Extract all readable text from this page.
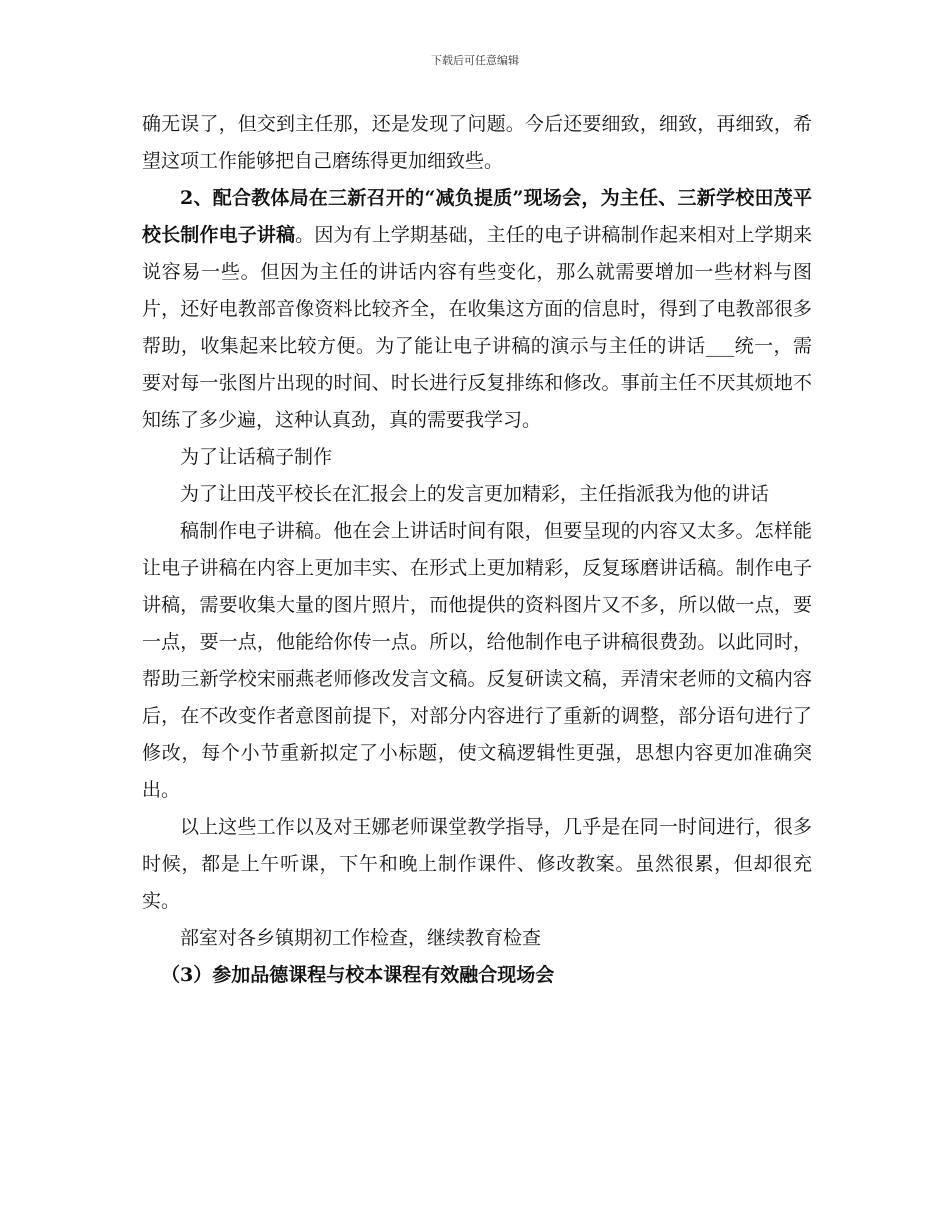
下载后可任意编辑

确无误了，但交到主任那，还是发现了问题。今后还要细致，细致，再细致，希望这项工作能够把自己磨练得更加细致些。

2、配合教体局在三新召开的“减负提质”现场会，为主任、三新学校田茂平校长制作电子讲稿。因为有上学期基础，主任的电子讲稿制作起来相对上学期来说容易一些。但因为主任的讲话内容有些变化，那么就需要增加一些材料与图片，还好电教部音像资料比较齐全，在收集这方面的信息时，得到了电教部很多帮助，收集起来比较方便。为了能让电子讲稿的演示与主任的讲话___统一，需要对每一张图片出现的时间、时长进行反复排练和修改。事前主任不厌其烦地不知练了多少遍，这种认真劲，真的需要我学习。

为了让话稿子制作

为了让田茂平校长在汇报会上的发言更加精彩，主任指派我为他的讲话

稿制作电子讲稿。他在会上讲话时间有限，但要呈现的内容又太多。怎样能让电子讲稿在内容上更加丰实、在形式上更加精彩，反复琢磨讲话稿。制作电子讲稿，需要收集大量的图片照片，而他提供的资料图片又不多，所以做一点，要一点，要一点，他能给你传一点。所以，给他制作电子讲稿很费劲。以此同时，帮助三新学校宋丽燕老师修改发言文稿。反复研读文稿，弄清宋老师的文稿内容后，在不改变作者意图前提下，对部分内容进行了重新的调整，部分语句进行了修改，每个小节重新拟定了小标题，使文稿逻辑性更强，思想内容更加准确突出。

以上这些工作以及对王娜老师课堂教学指导，几乎是在同一时间进行，很多时候，都是上午听课，下午和晚上制作课件、修改教案。虽然很累，但却很充实。

部室对各乡镇期初工作检查，继续教育检查

（3）参加品德课程与校本课程有效融合现场会
